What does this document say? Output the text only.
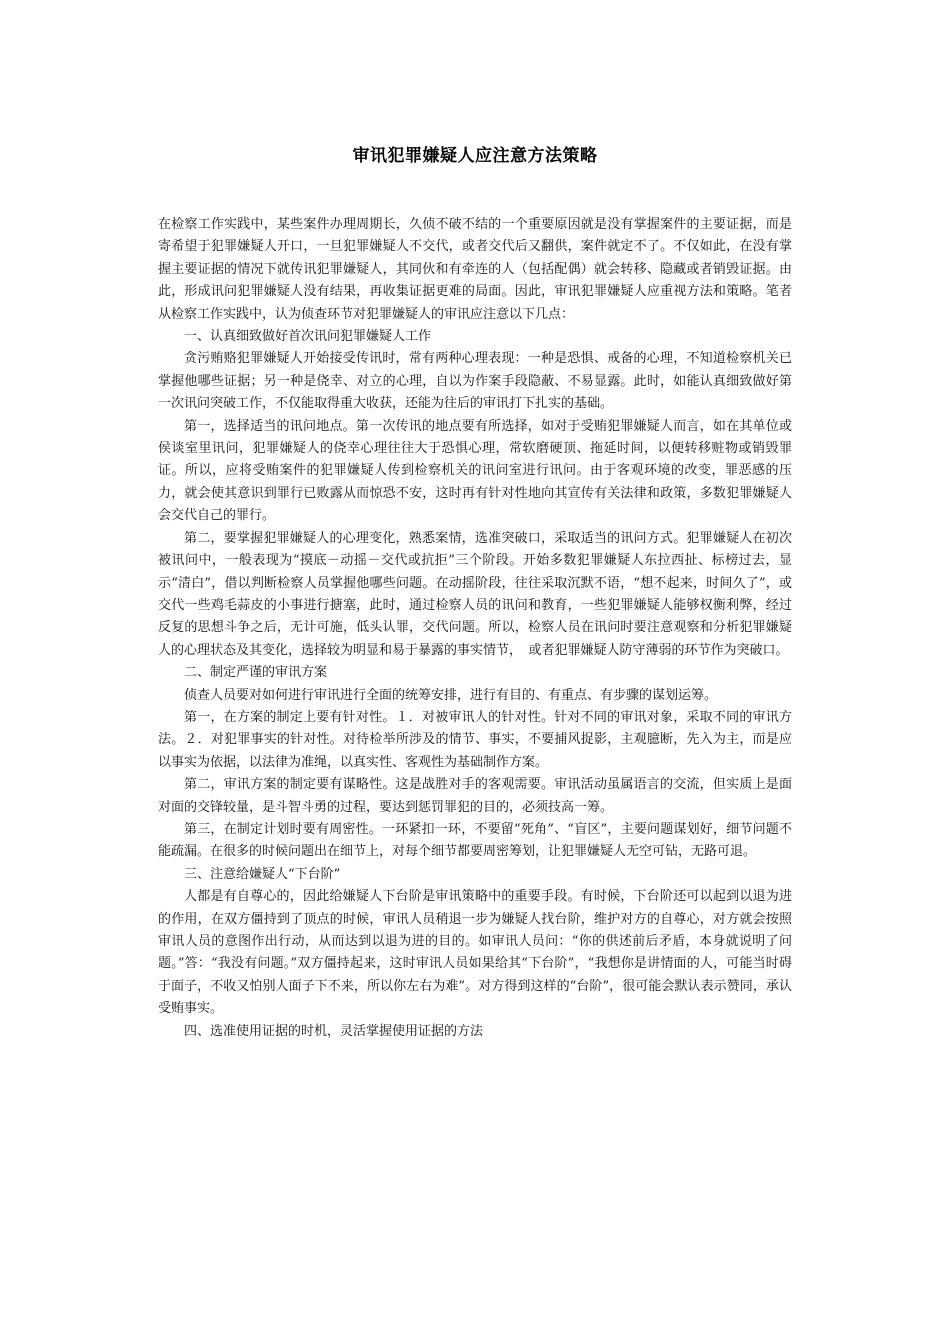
审讯犯罪嫌疑人应注意方法策略

在检察工作实践中，某些案件办理周期长，久侦不破不结的一个重要原因就是没有掌握案件的主要证据，而是寄希望于犯罪嫌疑人开口，一旦犯罪嫌疑人不交代，或者交代后又翻供，案件就定不了。不仅如此，在没有掌握主要证据的情况下就传讯犯罪嫌疑人，其同伙和有牵连的人（包括配偶）就会转移、隐藏或者销毁证据。由此，形成讯问犯罪嫌疑人没有结果，再收集证据更难的局面。因此，审讯犯罪嫌疑人应重视方法和策略。笔者从检察工作实践中，认为侦查环节对犯罪嫌疑人的审讯应注意以下几点：

一、认真细致做好首次讯问犯罪嫌疑人工作

贪污贿赂犯罪嫌疑人开始接受传讯时，常有两种心理表现：一种是恐惧、戒备的心理，不知道检察机关已掌握他哪些证据；另一种是侥幸、对立的心理，自以为作案手段隐蔽、不易显露。此时，如能认真细致做好第一次讯问突破工作，不仅能取得重大收获，还能为往后的审讯打下扎实的基础。

第一，选择适当的讯问地点。第一次传讯的地点要有所选择，如对于受贿犯罪嫌疑人而言，如在其单位或侯谈室里讯问，犯罪嫌疑人的侥幸心理往往大于恐惧心理，常软磨硬顶、拖延时间，以便转移赃物或销毁罪证。所以，应将受贿案件的犯罪嫌疑人传到检察机关的讯问室进行讯问。由于客观环境的改变，罪恶感的压力，就会使其意识到罪行已败露从而惊恐不安，这时再有针对性地向其宣传有关法律和政策，多数犯罪嫌疑人会交代自己的罪行。

第二，要掌握犯罪嫌疑人的心理变化，熟悉案情，选准突破口，采取适当的讯问方式。犯罪嫌疑人在初次被讯问中，一般表现为“摸底－动摇－交代或抗拒”三个阶段。开始多数犯罪嫌疑人东拉西扯、标榜过去，显示“清白”，借以判断检察人员掌握他哪些问题。在动摇阶段，往往采取沉默不语，“想不起来，时间久了”，或交代一些鸡毛蒜皮的小事进行搪塞，此时，通过检察人员的讯问和教育，一些犯罪嫌疑人能够权衡利弊，经过反复的思想斗争之后，无计可施，低头认罪，交代问题。所以，检察人员在讯问时要注意观察和分析犯罪嫌疑人的心理状态及其变化，选择较为明显和易于暴露的事实情节，　或者犯罪嫌疑人防守薄弱的环节作为突破口。

二、制定严谨的审讯方案

侦查人员要对如何进行审讯进行全面的统筹安排，进行有目的、有重点、有步骤的谋划运筹。

第一，在方案的制定上要有针对性。１．对被审讯人的针对性。针对不同的审讯对象，采取不同的审讯方法。２．对犯罪事实的针对性。对待检举所涉及的情节、事实，不要捕风捉影，主观臆断，先入为主，而是应以事实为依据，以法律为准绳，以真实性、客观性为基础制作方案。

第二，审讯方案的制定要有谋略性。这是战胜对手的客观需要。审讯活动虽属语言的交流，但实质上是面对面的交锋较量，是斗智斗勇的过程，要达到惩罚罪犯的目的，必须技高一筹。

第三，在制定计划时要有周密性。一环紧扣一环，不要留“死角”、“盲区”，主要问题谋划好，细节问题不能疏漏。在很多的时候问题出在细节上，对每个细节都要周密筹划，让犯罪嫌疑人无空可钻，无路可退。

三、注意给嫌疑人“下台阶”

人都是有自尊心的，因此给嫌疑人下台阶是审讯策略中的重要手段。有时候，下台阶还可以起到以退为进的作用，在双方僵持到了顶点的时候，审讯人员稍退一步为嫌疑人找台阶，维护对方的自尊心，对方就会按照审讯人员的意图作出行动，从而达到以退为进的目的。如审讯人员问：“你的供述前后矛盾，本身就说明了问题。”答：“我没有问题。”双方僵持起来，这时审讯人员如果给其“下台阶”，“我想你是讲情面的人，可能当时碍于面子，不收又怕别人面子下不来，所以你左右为难”。对方得到这样的“台阶”，很可能会默认表示赞同，承认受贿事实。

四、选准使用证据的时机，灵活掌握使用证据的方法
